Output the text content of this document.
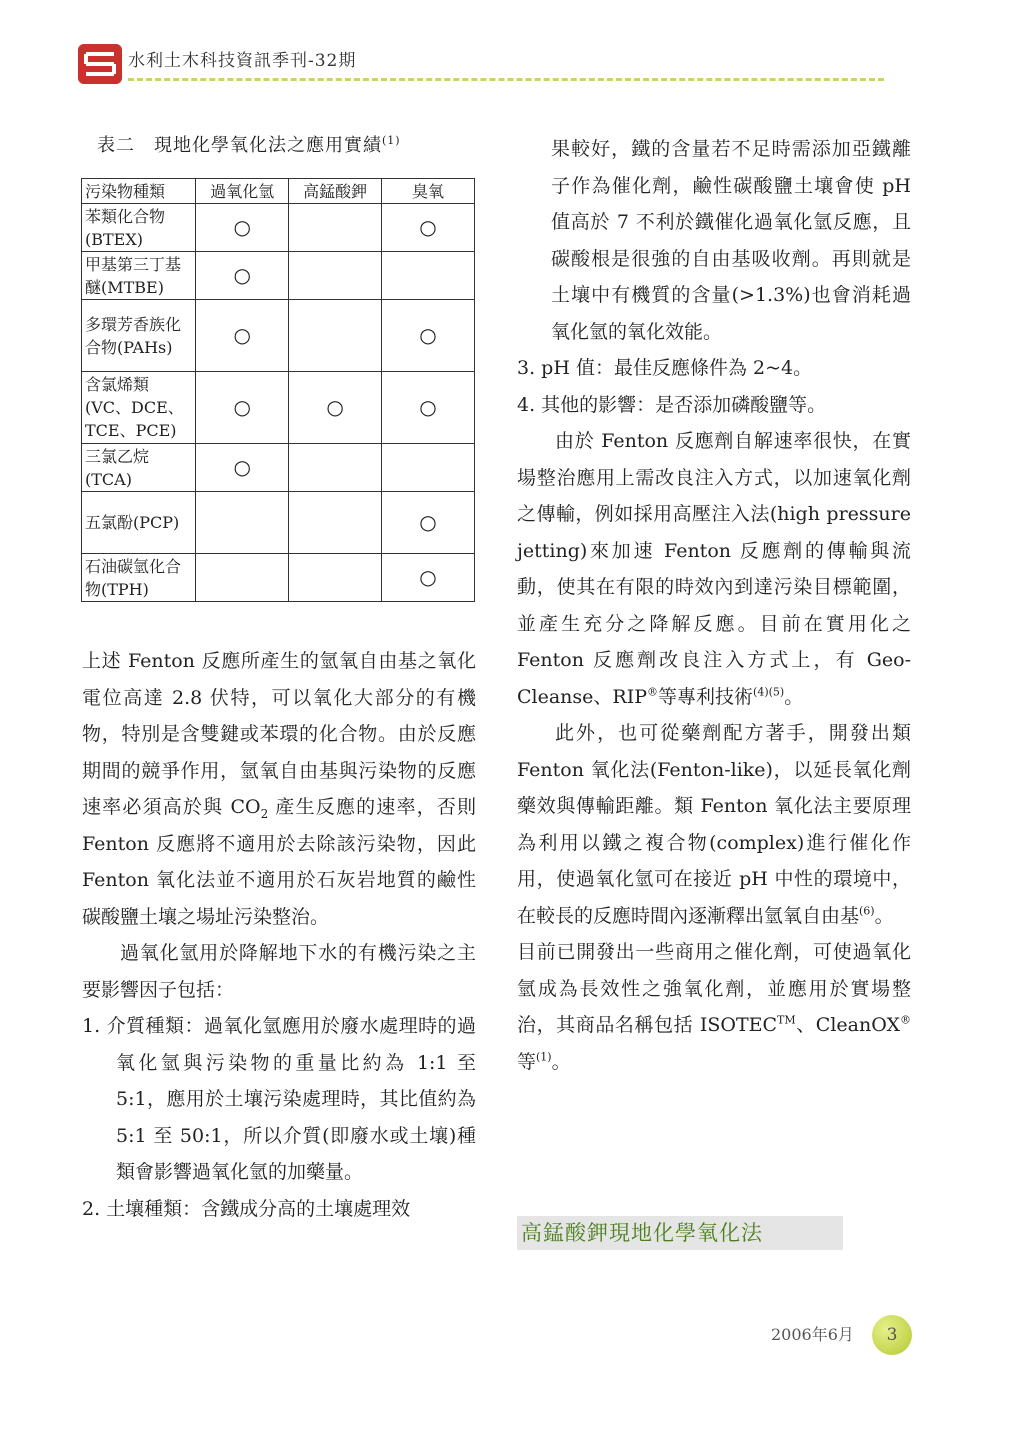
水利土木科技資訊季刊-32期
表二　現地化學氧化法之應用實績$^{(1)}$
污染物種類	過氧化氫	高錳酸鉀	臭氧
苯類化合物(BTEX)	○		○
甲基第三丁基醚(MTBE)	○		
多環芳香族化合物(PAHs)	○		○
含氯烯類(VC、DCE、TCE、PCE)	○	○	○
三氯乙烷(TCA)	○		
五氯酚(PCP)			○
石油碳氫化合物(TPH)			○

上述 Fenton 反應所產生的氫氧自由基之氧化電位高達 2.8 伏特，可以氧化大部分的有機物，特別是含雙鍵或苯環的化合物。由於反應期間的競爭作用，氫氧自由基與污染物的反應速率必須高於與 $CO_2$ 產生反應的速率，否則 Fenton 反應將不適用於去除該污染物，因此 Fenton 氧化法並不適用於石灰岩地質的鹼性碳酸鹽土壤之場址污染整治。

過氧化氫用於降解地下水的有機污染之主要影響因子包括：

1. 介質種類：過氧化氫應用於廢水處理時的過氧化氫與污染物的重量比約為 1:1 至 5:1，應用於土壤污染處理時，其比值約為 5:1 至 50:1，所以介質(即廢水或土壤)種類會影響過氧化氫的加藥量。

2. 土壤種類：含鐵成分高的土壤處理效

果較好，鐵的含量若不足時需添加亞鐵離子作為催化劑，鹼性碳酸鹽土壤會使 pH 值高於 7 不利於鐵催化過氧化氫反應，且碳酸根是很強的自由基吸收劑。再則就是土壤中有機質的含量(>1.3%)也會消耗過氧化氫的氧化效能。

3. pH 值：最佳反應條件為 2~4。

4. 其他的影響：是否添加磷酸鹽等。

由於 Fenton 反應劑自解速率很快，在實場整治應用上需改良注入方式，以加速氧化劑之傳輸，例如採用高壓注入法(high pressure jetting)來加速 Fenton 反應劑的傳輸與流動，使其在有限的時效內到達污染目標範圍，並產生充分之降解反應。目前在實用化之 Fenton 反應劑改良注入方式上，有 Geo-Cleanse、RIP®等專利技術$^{(4)(5)}$。

此外，也可從藥劑配方著手，開發出類 Fenton 氧化法(Fenton-like)，以延長氧化劑藥效與傳輸距離。類 Fenton 氧化法主要原理為利用以鐵之複合物(complex)進行催化作用，使過氧化氫可在接近 pH 中性的環境中，在較長的反應時間內逐漸釋出氫氧自由基$^{(6)}$。

目前已開發出一些商用之催化劑，可使過氧化氫成為長效性之強氧化劑，並應用於實場整治，其商品名稱包括 ISOTEC™、CleanOX®等$^{(1)}$。

高錳酸鉀現地化學氧化法
2006年6月	3
